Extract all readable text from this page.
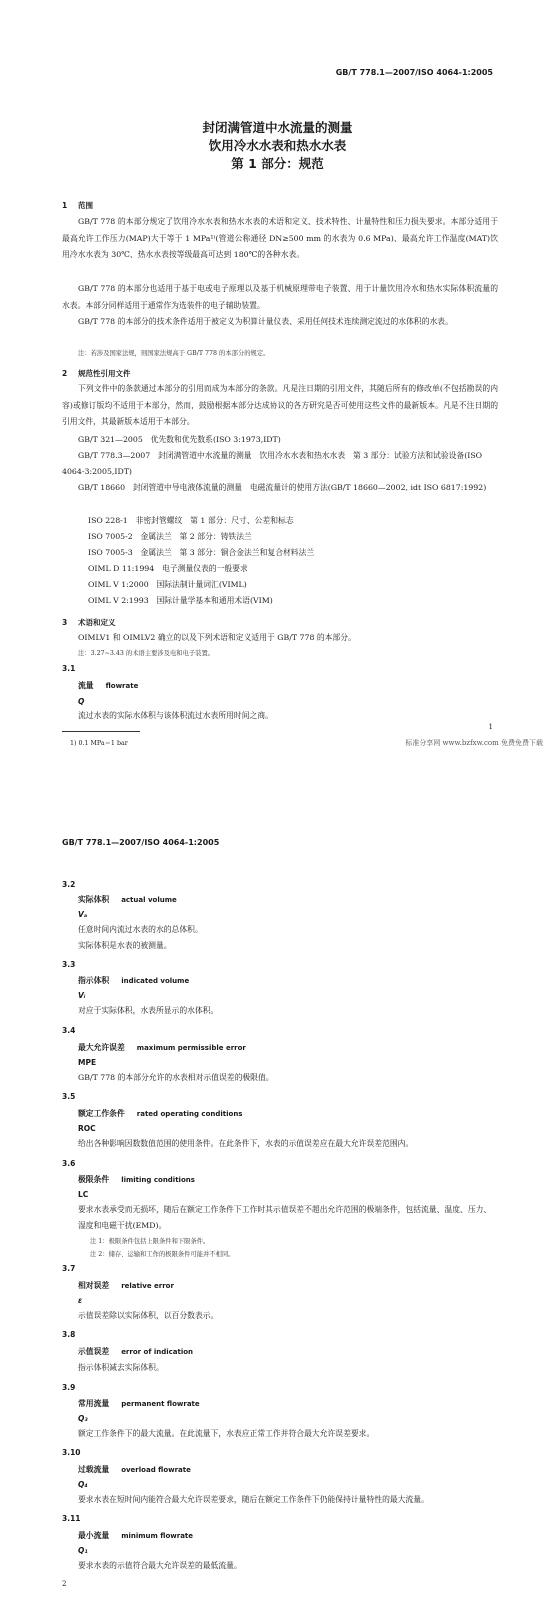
GB/T 778.1—2007/ISO 4064-1:2005
封闭满管道中水流量的测量
饮用冷水水表和热水水表
第 1 部分：规范
1 范围
GB/T 778 的本部分规定了饮用冷水水表和热水水表的术语和定义、技术特性、计量特性和压力损失要求。本部分适用于最高允许工作压力(MAP)大于等于 1 MPa¹⁾(管道公称通径 DN≥500 mm 的水表为 0.6 MPa)、最高允许工作温度(MAT)饮用冷水水表为 30℃、热水水表按等级最高可达到 180℃的各种水表。
GB/T 778 的本部分也适用于基于电或电子原理以及基于机械原理带电子装置、用于计量饮用冷水和热水实际体积流量的水表。本部分同样适用于通常作为选装件的电子辅助装置。
GB/T 778 的本部分的技术条件适用于被定义为积算计量仪表、采用任何技术连续测定流过的水体积的水表。
注：若涉及国家法规，則国家法规高于 GB/T 778 的本部分的规定。
2 规范性引用文件
下列文件中的条款通过本部分的引用而成为本部分的条款。凡是注日期的引用文件，其随后所有的修改单(不包括勘误的内容)或修订版均不适用于本部分，然而，鼓励根据本部分达成协议的各方研究是否可使用这些文件的最新版本。凡是不注日期的引用文件，其最新版本适用于本部分。
GB/T 321—2005　优先数和优先数系(ISO 3:1973,IDT)
GB/T 778.3—2007　封闭满管道中水流量的测量　饮用冷水水表和热水水表　第 3 部分：试验方法和试验设备(ISO 4064-3:2005,IDT)
GB/T 18660　封闭管道中导电液体流量的测量　电磁流量计的使用方法(GB/T 18660—2002, idt ISO 6817:1992)
ISO 228-1　非密封管螺纹　第 1 部分：尺寸、公差和标志
ISO 7005-2　金属法兰　第 2 部分：铸铁法兰
ISO 7005-3　金属法兰　第 3 部分：铜合金法兰和复合材料法兰
OIML D 11:1994　电子测量仪表的一般要求
OIML V 1:2000　国际法制计量词汇(VIML)
OIML V 2:1993　国际计量学基本和通用术语(VIM)
3 术语和定义
OIMLV1 和 OIMLV2 确立的以及下列术语和定义适用于 GB/T 778 的本部分。
注：3.27~3.43 的术语主要涉及电和电子装置。
3.1
流量 flowrate
Q
流过水表的实际水体积与该体积流过水表所用时间之商。
1) 0.1 MPa＝1 bar
1
标准分享网 www.bzfxw.com 免费免费下载
GB/T 778.1—2007/ISO 4064-1:2005
3.2
实际体积 actual volume
Vₐ
任意时间内流过水表的水的总体积。
实际体积是水表的被测量。
3.3
指示体积 indicated volume
Vᵢ
对应于实际体积，水表所显示的水体积。
3.4
最大允许误差 maximum permissible error
MPE
GB/T 778 的本部分允许的水表相对示值误差的极限值。
3.5
额定工作条件 rated operating conditions
ROC
给出各种影响因数数值范围的使用条件。在此条件下，水表的示值误差应在最大允许误差范围内。
3.6
极限条件 limiting conditions
LC
要求水表承受而无损坏，随后在额定工作条件下工作时其示值误差不超出允许范围的极端条件，包括流量、温度、压力、湿度和电磁干扰(EMD)。
注 1：极限条件包括上限条件和下限条件。
注 2：储存、运输和工作的极限条件可能并不相同。
3.7
相对误差 relative error
ε
示值误差除以实际体积，以百分数表示。
3.8
示值误差 error of indication
指示体积减去实际体积。
3.9
常用流量 permanent flowrate
Q₃
额定工作条件下的最大流量。在此流量下，水表应正常工作并符合最大允许误差要求。
3.10
过载流量 overload flowrate
Q₄
要求水表在短时间内能符合最大允许误差要求，随后在额定工作条件下仍能保持计量特性的最大流量。
3.11
最小流量 minimum flowrate
Q₁
要求水表的示值符合最大允许误差的最低流量。
2
